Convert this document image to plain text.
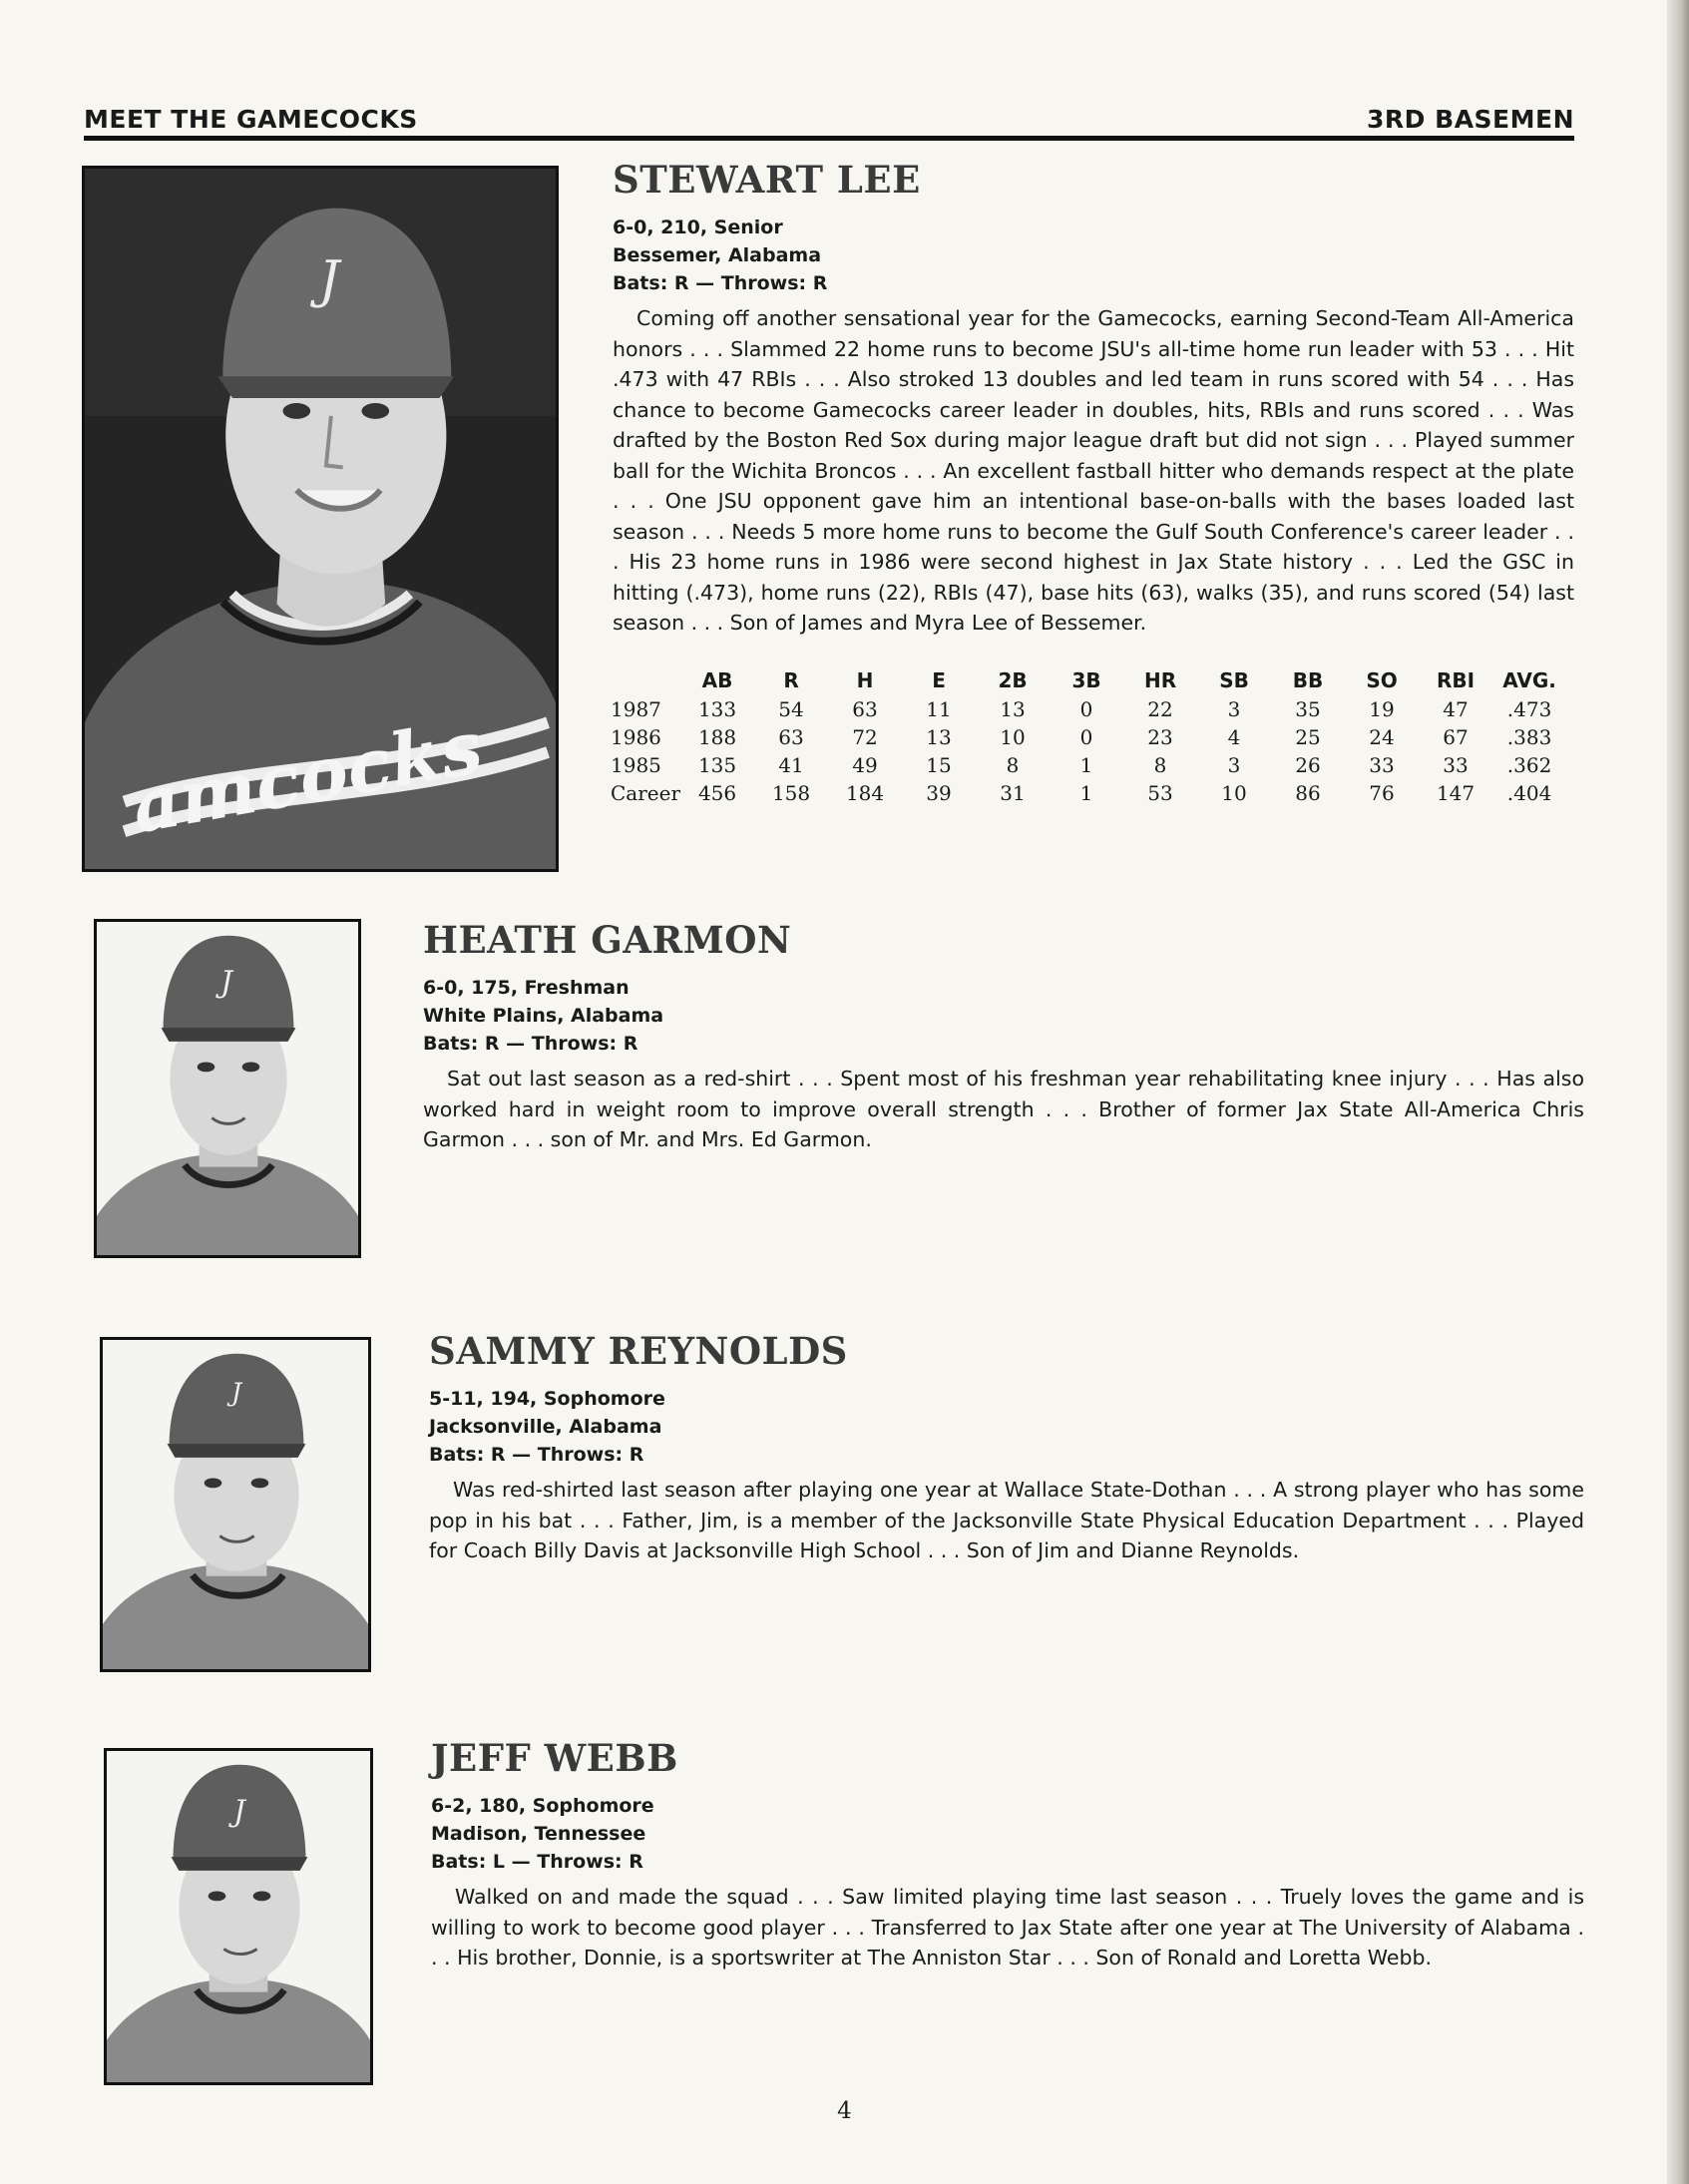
MEET THE GAMECOCKS	3RD BASEMEN
J
amcocks
STEWART LEE
6-0, 210, Senior
Bessemer, Alabama
Bats: R — Throws: R
Coming off another sensational year for the Gamecocks, earning Second-Team All-America honors . . . Slammed 22 home runs to become JSU's all-time home run leader with 53 . . . Hit .473 with 47 RBIs . . . Also stroked 13 doubles and led team in runs scored with 54 . . . Has chance to become Gamecocks career leader in doubles, hits, RBIs and runs scored . . . Was drafted by the Boston Red Sox during major league draft but did not sign . . . Played summer ball for the Wichita Broncos . . . An excellent fastball hitter who demands respect at the plate . . . One JSU opponent gave him an intentional base-on-balls with the bases loaded last season . . . Needs 5 more home runs to become the Gulf South Conference's career leader . . . His 23 home runs in 1986 were second highest in Jax State history . . . Led the GSC in hitting (.473), home runs (22), RBIs (47), base hits (63), walks (35), and runs scored (54) last season . . . Son of James and Myra Lee of Bessemer.
	AB	R	H	E	2B	3B	HR	SB	BB	SO	RBI	AVG.
1987	133	54	63	11	13	0	22	3	35	19	47	.473
1986	188	63	72	13	10	0	23	4	25	24	67	.383
1985	135	41	49	15	8	1	8	3	26	33	33	.362
Career	456	158	184	39	31	1	53	10	86	76	147	.404
J
HEATH GARMON
6-0, 175, Freshman
White Plains, Alabama
Bats: R — Throws: R
Sat out last season as a red-shirt . . . Spent most of his freshman year rehabilitating knee injury . . . Has also worked hard in weight room to improve overall strength . . . Brother of former Jax State All-America Chris Garmon . . . son of Mr. and Mrs. Ed Garmon.
J
SAMMY REYNOLDS
5-11, 194, Sophomore
Jacksonville, Alabama
Bats: R — Throws: R
Was red-shirted last season after playing one year at Wallace State-Dothan . . . A strong player who has some pop in his bat . . . Father, Jim, is a member of the Jacksonville State Physical Education Department . . . Played for Coach Billy Davis at Jacksonville High School . . . Son of Jim and Dianne Reynolds.
J
JEFF WEBB
6-2, 180, Sophomore
Madison, Tennessee
Bats: L — Throws: R
Walked on and made the squad . . . Saw limited playing time last season . . . Truely loves the game and is willing to work to become good player . . . Transferred to Jax State after one year at The University of Alabama . . . His brother, Donnie, is a sportswriter at The Anniston Star . . . Son of Ronald and Loretta Webb.
4
